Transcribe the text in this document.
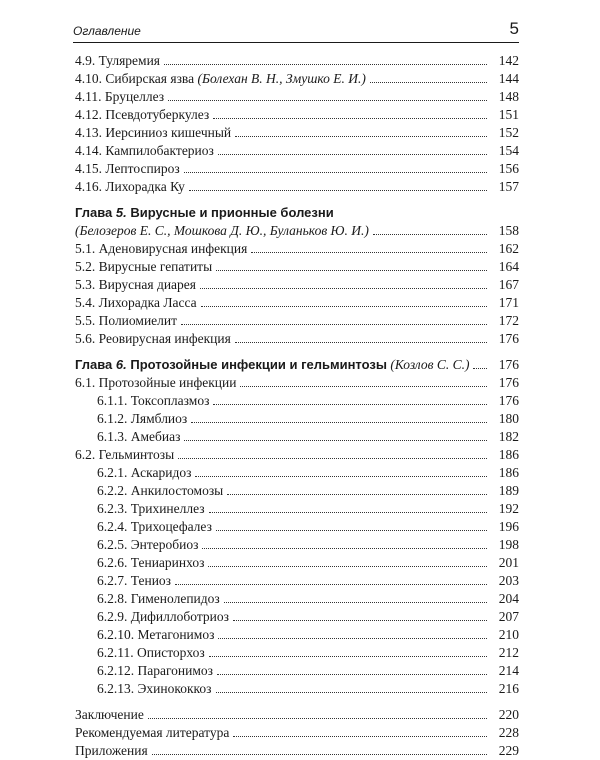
Оглавление	5
4.9. Туляремия	142
4.10. Сибирская язва (Болехан В. Н., Змушко Е. И.)	144
4.11. Бруцеллез	148
4.12. Псевдотуберкулез	151
4.13. Иерсиниоз кишечный	152
4.14. Кампилобактериоз	154
4.15. Лептоспироз	156
4.16. Лихорадка Ку	157
Глава 5. Вирусные и прионные болезни
(Белозеров Е. С., Мошкова Д. Ю., Буланьков Ю. И.)	158
5.1. Аденовирусная инфекция	162
5.2. Вирусные гепатиты	164
5.3. Вирусная диарея	167
5.4. Лихорадка Ласса	171
5.5. Полиомиелит	172
5.6. Реовирусная инфекция	176
Глава 6. Протозойные инфекции и гельминтозы (Козлов С. С.)	176
6.1. Протозойные инфекции	176
6.1.1. Токсоплазмоз	176
6.1.2. Лямблиоз	180
6.1.3. Амебиаз	182
6.2. Гельминтозы	186
6.2.1. Аскаридоз	186
6.2.2. Анкилостомозы	189
6.2.3. Трихинеллез	192
6.2.4. Трихоцефалез	196
6.2.5. Энтеробиоз	198
6.2.6. Тениаринхоз	201
6.2.7. Тениоз	203
6.2.8. Гименолепидоз	204
6.2.9. Дифиллоботриоз	207
6.2.10. Метагонимоз	210
6.2.11. Описторхоз	212
6.2.12. Парагонимоз	214
6.2.13. Эхинококкоз	216
Заключение	220
Рекомендуемая литература	228
Приложения	229
